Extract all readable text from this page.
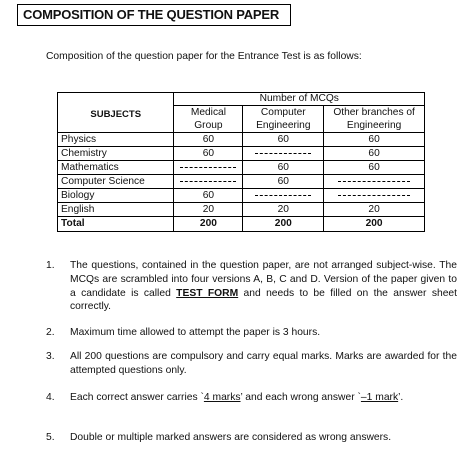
COMPOSITION OF THE QUESTION PAPER
Composition of the question paper for the Entrance Test is as follows:
SUBJECTS	Number of MCQs		
	Medical Group	Computer Engineering	Other branches of Engineering
Physics	60	60	60
Chemistry	60		60
Mathematics		60	60
Computer Science		60	

Biology	60	

English	20	20	20
Total	200	200	200
1. The questions, contained in the question paper, are not arranged subject-wise. The MCQs are scrambled into four versions A, B, C and D. Version of the paper given to a candidate is called TEST FORM and needs to be filled on the answer sheet correctly.
2. Maximum time allowed to attempt the paper is 3 hours.
3. All 200 questions are compulsory and carry equal marks. Marks are awarded for the attempted questions only.
4. Each correct answer carries `4 marks’ and each wrong answer `–1 mark’.
5. Double or multiple marked answers are considered as wrong answers.
